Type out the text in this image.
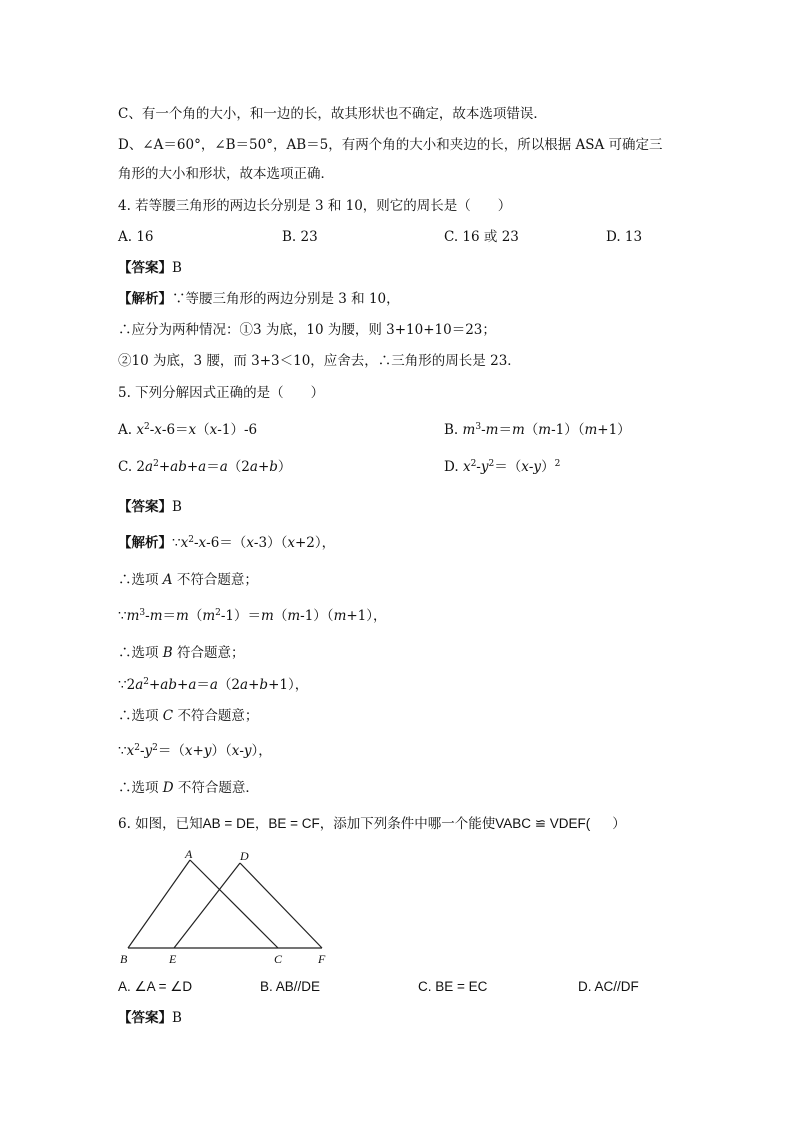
C、有一个角的大小，和一边的长，故其形状也不确定，故本选项错误．
D、∠A＝60°，∠B＝50°，AB＝5，有两个角的大小和夹边的长，所以根据 ASA 可确定三
角形的大小和形状，故本选项正确．
4. 若等腰三角形的两边长分别是 3 和 10，则它的周长是（　　）
A. 16	B. 23	C. 16 或 23	D. 13
【答案】B
【解析】∵等腰三角形的两边分别是 3 和 10，
∴应分为两种情况：①3 为底，10 为腰，则 3+10+10＝23；
②10 为底，3 腰，而 3+3＜10，应舍去，∴三角形的周长是 23．
5. 下列分解因式正确的是（　　）
A. $x^2-x-6=x(x-1)-6$	B. $m^3-m=m(m-1)(m+1)$
C. $2a^2+ab+a=a(2a+b)$	D. $x^2-y^2=(x-y)^2$
【答案】B
【解析】$\because x^2-x-6=(x-3)(x+2)$，
∴选项 A 不符合题意；
$\because m^3-m=m(m^2-1)=m(m-1)(m+1)$，
∴选项 B 符合题意；
$\because 2a^2+ab+a=a(2a+b+1)$，
∴选项 C 不符合题意；
$\because x^2-y^2=(x+y)(x-y)$，
∴选项 D 不符合题意．
6. 如图，已知AB = DE，BE = CF，添加下列条件中哪一个能使VABC ≌ VDEF( ）
A	D
B	E	C	F
A. ∠A = ∠D	B. AB//DE	C. BE = EC	D. AC//DF
【答案】B
